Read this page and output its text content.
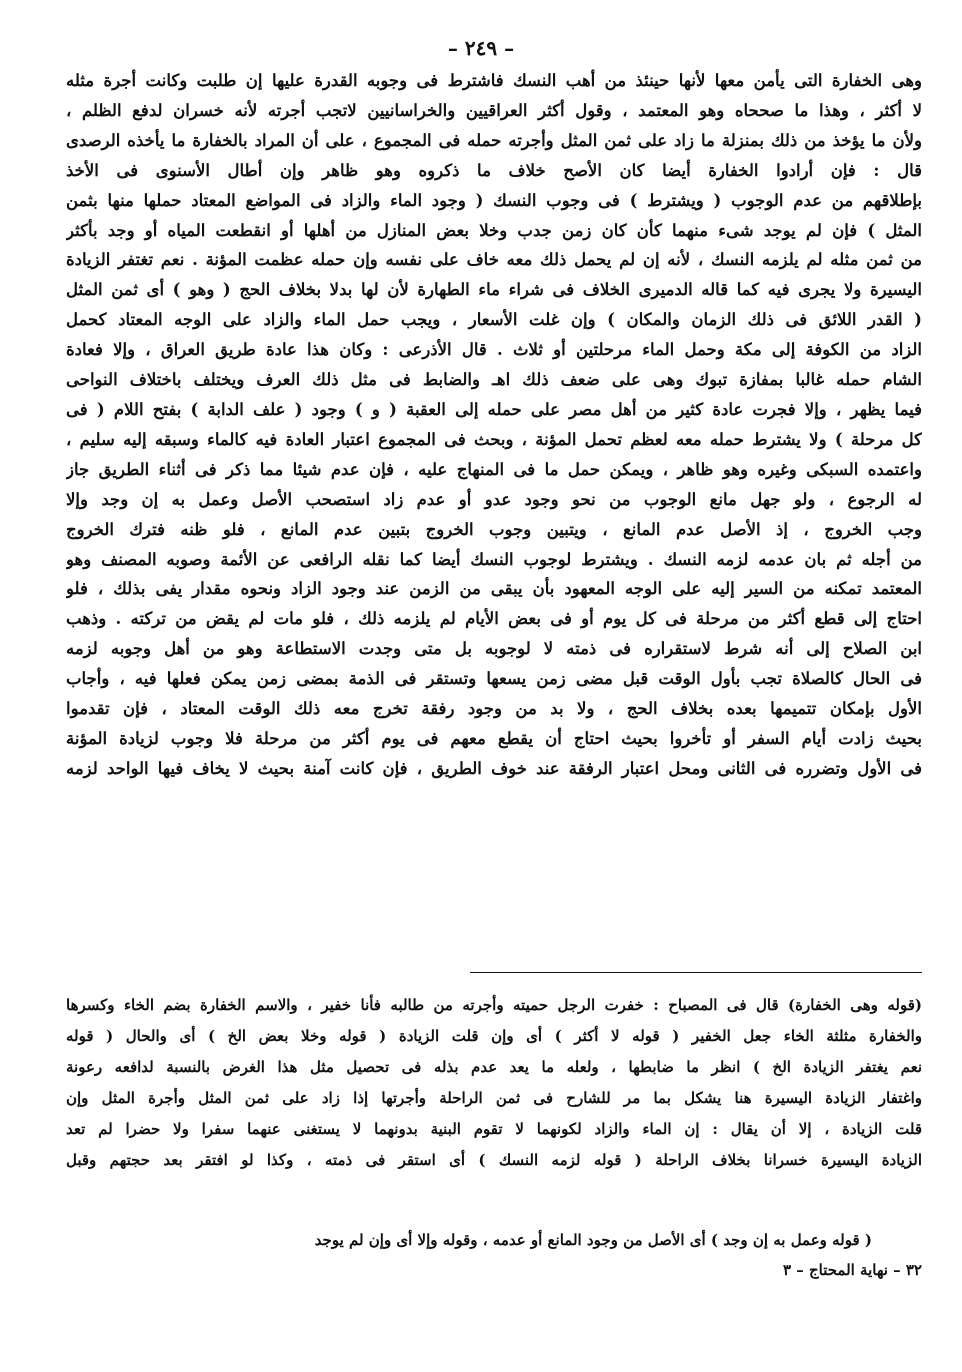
– ٢٤٩ –
وهى الخفارة التى يأمن معها لأنها حينئذ من أهب النسك فاشترط فى وجوبه القدرة عليها إن طلبت وكانت أجرة مثله
لا أكثر ، وهذا ما صححاه وهو المعتمد ، وقول أكثر العراقيين والخراسانيين لاتجب أجرته لأنه خسران لدفع الظلم ،
ولأن ما يؤخذ من ذلك بمنزلة ما زاد على ثمن المثل وأجرته حمله فى المجموع ، على أن المراد بالخفارة ما يأخذه الرصدى
قال : فإن أرادوا الخفارة أيضا كان الأصح خلاف ما ذكروه وهو ظاهر وإن أطال الأسنوى فى الأخذ
بإطلاقهم من عدم الوجوب ( ويشترط ) فى وجوب النسك ( وجود الماء والزاد فى المواضع المعتاد حملها منها بثمن
المثل ) فإن لم يوجد شىء منهما كأن كان زمن جدب وخلا بعض المنازل من أهلها أو انقطعت المياه أو وجد بأكثر
من ثمن مثله لم يلزمه النسك ، لأنه إن لم يحمل ذلك معه خاف على نفسه وإن حمله عظمت المؤنة . نعم تغتفر الزيادة
اليسيرة ولا يجرى فيه كما قاله الدميرى الخلاف فى شراء ماء الطهارة لأن لها بدلا بخلاف الحج ( وهو ) أى ثمن المثل
( القدر اللائق فى ذلك الزمان والمكان ) وإن غلت الأسعار ، ويجب حمل الماء والزاد على الوجه المعتاد كحمل
الزاد من الكوفة إلى مكة وحمل الماء مرحلتين أو ثلاث . قال الأذرعى : وكان هذا عادة طريق العراق ، وإلا فعادة
الشام حمله غالبا بمفازة تبوك وهى على ضعف ذلك اهـ والضابط فى مثل ذلك العرف ويختلف باختلاف النواحى
فيما يظهر ، وإلا فجرت عادة كثير من أهل مصر على حمله إلى العقبة ( و ) وجود ( علف الدابة ) بفتح اللام ( فى
كل مرحلة ) ولا يشترط حمله معه لعظم تحمل المؤنة ، وبحث فى المجموع اعتبار العادة فيه كالماء وسبقه إليه سليم ،
واعتمده السبكى وغيره وهو ظاهر ، ويمكن حمل ما فى المنهاج عليه ، فإن عدم شيئا مما ذكر فى أثناء الطريق جاز
له الرجوع ، ولو جهل مانع الوجوب من نحو وجود عدو أو عدم زاد استصحب الأصل وعمل به إن وجد وإلا
وجب الخروج ، إذ الأصل عدم المانع ، ويتبين وجوب الخروج بتبين عدم المانع ، فلو ظنه فترك الخروج
من أجله ثم بان عدمه لزمه النسك . ويشترط لوجوب النسك أيضا كما نقله الرافعى عن الأئمة وصوبه المصنف وهو
المعتمد تمكنه من السير إليه على الوجه المعهود بأن يبقى من الزمن عند وجود الزاد ونحوه مقدار يفى بذلك ، فلو
احتاج إلى قطع أكثر من مرحلة فى كل يوم أو فى بعض الأيام لم يلزمه ذلك ، فلو مات لم يقض من تركته . وذهب
ابن الصلاح إلى أنه شرط لاستقراره فى ذمته لا لوجوبه بل متى وجدت الاستطاعة وهو من أهل وجوبه لزمه
فى الحال كالصلاة تجب بأول الوقت قبل مضى زمن يسعها وتستقر فى الذمة بمضى زمن يمكن فعلها فيه ، وأجاب
الأول بإمكان تتميمها بعده بخلاف الحج ، ولا بد من وجود رفقة تخرج معه ذلك الوقت المعتاد ، فإن تقدموا
بحيث زادت أيام السفر أو تأخروا بحيث احتاج أن يقطع معهم فى يوم أكثر من مرحلة فلا وجوب لزيادة المؤنة
فى الأول وتضرره فى الثانى ومحل اعتبار الرفقة عند خوف الطريق ، فإن كانت آمنة بحيث لا يخاف فيها الواحد لزمه
(قوله وهى الخفارة) قال فى المصباح : خفرت الرجل حميته وأجرته من طالبه فأنا خفير ، والاسم الخفارة بضم الخاء وكسرها
والخفارة مثلثة الخاء جعل الخفير ( قوله لا أكثر ) أى وإن قلت الزيادة ( قوله وخلا بعض الخ ) أى والحال ( قوله
نعم يغتفر الزيادة الخ ) انظر ما ضابطها ، ولعله ما يعد عدم بذله فى تحصيل مثل هذا الغرض بالنسبة لدافعه رعونة
واغتفار الزيادة اليسيرة هنا يشكل بما مر للشارح فى ثمن الراحلة وأجرتها إذا زاد على ثمن المثل وأجرة المثل وإن
قلت الزيادة ، إلا أن يقال : إن الماء والزاد لكونهما لا تقوم البنية بدونهما لا يستغنى عنهما سفرا ولا حضرا لم تعد
الزيادة اليسيرة خسرانا بخلاف الراحلة ( قوله لزمه النسك ) أى استقر فى ذمته ، وكذا لو افتقر بعد حجتهم وقبل
( قوله وعمل به إن وجد ) أى الأصل من وجود المانع أو عدمه ، وقوله وإلا أى وإن لم يوجد
٣٢ – نهاية المحتاج – ٣
